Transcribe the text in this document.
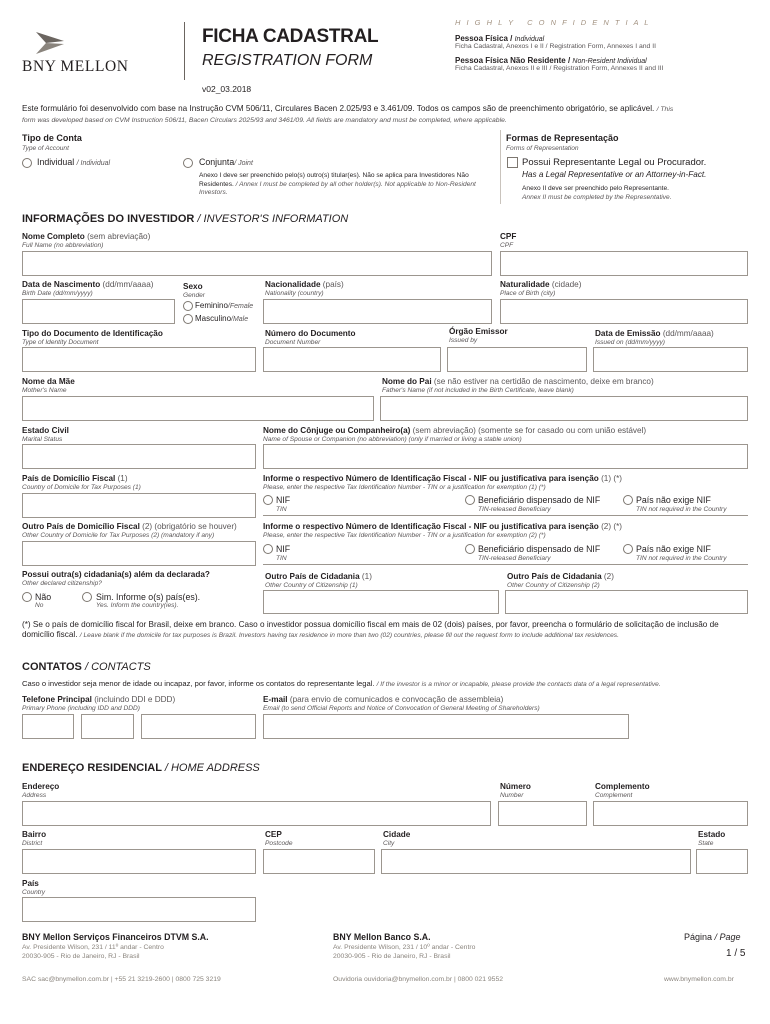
BNY MELLON
FICHA CADASTRAL
REGISTRATION FORM
v02_03.2018
H I G H L Y   C O N F I D E N T I A L
Pessoa Física / Individual
Ficha Cadastral, Anexos I e II / Registration Form, Annexes I and II
Pessoa Física Não Residente / Non-Resident Individual
Ficha Cadastral, Anexos II e III / Registration Form, Annexes II and III
Este formulário foi desenvolvido com base na Instrução CVM 506/11, Circulares Bacen 2.025/93 e 3.461/09. Todos os campos são de preenchimento obrigatório, se aplicável. / This
form was developed based on CVM Instruction 506/11, Bacen Circulars 2025/93 and 3461/09. All fields are mandatory and must be completed, where applicable.
Tipo de Conta
Type of Account
Individual / Individual	Conjunta/ Joint
Anexo I deve ser preenchido pelo(s) outro(s) titular(es). Não se aplica para Investidores Não Residentes. / Annex I must be completed by all other holder(s). Not applicable to Non-Resident Investors.
Formas de Representação
Forms of Representation
Possui Representante Legal ou Procurador.
Has a Legal Representative or an Attorney-in-Fact.
Anexo II deve ser preenchido pelo Representante.
Annex II must be completed by the Representative.
INFORMAÇÕES DO INVESTIDOR / INVESTOR'S INFORMATION
Nome Completo (sem abreviação)
Full Name (no abbreviation)
CPF
CPF
Data de Nascimento (dd/mm/aaaa)
Birth Date (dd/mm/yyyy)
Sexo
Gender
Feminino/Female
Masculino/Male
Nacionalidade (país)
Nationality (country)
Naturalidade (cidade)
Place of Birth (city)
Tipo do Documento de Identificação
Type of Identity Document
Número do Documento
Document Number
Órgão Emissor
Issued by
Data de Emissão (dd/mm/aaaa)
Issued on (dd/mm/yyyy)
Nome da Mãe
Mother's Name
Nome do Pai (se não estiver na certidão de nascimento, deixe em branco)
Father's Name (if not included in the Birth Certificate, leave blank)
Estado Civil
Marital Status
Nome do Cônjuge ou Companheiro(a) (sem abreviação) (somente se for casado ou com união estável)
Name of Spouse or Companion (no abbreviation) (only if married or living a stable union)
País de Domicílio Fiscal (1)
Country of Domicile for Tax Purposes (1)
Informe o respectivo Número de Identificação Fiscal - NIF ou justificativa para isenção (1) (*)
Please, enter the respective Tax Identification Number - TIN or a justification for exemption (1) (*)
NIF
TIN
Beneficiário dispensado de NIF
TIN-released Beneficiary
País não exige NIF
TIN not required in the Country
Outro País de Domicílio Fiscal (2) (obrigatório se houver)
Other Country of Domicile for Tax Purposes (2) (mandatory if any)
Informe o respectivo Número de Identificação Fiscal - NIF ou justificativa para isenção (2) (*)
Please, enter the respective Tax Identification Number - TIN or a justification for exemption (2) (*)
NIF
TIN
Beneficiário dispensado de NIF
TIN-released Beneficiary
País não exige NIF
TIN not required in the Country
Possui outra(s) cidadania(s) além da declarada?
Other declared citizenship?
Não
No
Sim. Informe o(s) país(es).
Yes. Inform the country(ies).
Outro País de Cidadania (1)
Other Country of Citizenship (1)
Outro País de Cidadania (2)
Other Country of Citizenship (2)
(*) Se o país de domicílio fiscal for Brasil, deixe em branco. Caso o investidor possua domicílio fiscal em mais de 02 (dois) países, por favor, preencha o formulário de solicitação de inclusão de domicílio fiscal. / Leave blank if the domicile for tax purposes is Brazil. Investors having tax residence in more than two (02) countries, please fill out the request form to include additional tax residences.
CONTATOS / CONTACTS
Caso o investidor seja menor de idade ou incapaz, por favor, informe os contatos do representante legal. / If the investor is a minor or incapable, please provide the contacts data of a legal representative.
Telefone Principal (incluindo DDI e DDD)
Primary Phone (including IDD and DDD)
E-mail (para envio de comunicados e convocação de assembleia)
Email (to send Official Reports and Notice of Convocation of General Meeting of Shareholders)
ENDEREÇO RESIDENCIAL / HOME ADDRESS
Endereço
Address
Número
Number
Complemento
Complement
Bairro
District
CEP
Postcode
Cidade
City
Estado
State
País
Country
BNY Mellon Serviços Financeiros DTVM S.A.
Av. Presidente Wilson, 231 / 11º andar - Centro
20030-905 - Rio de Janeiro, RJ - Brasil
BNY Mellon Banco S.A.
Av. Presidente Wilson, 231 / 10º andar - Centro
20030-905 - Rio de Janeiro, RJ - Brasil
Página / Page
1 / 5
SAC sac@bnymellon.com.br | +55 21 3219-2600 | 0800 725 3219	Ouvidoria ouvidoria@bnymellon.com.br | 0800 021 9552	www.bnymellon.com.br
